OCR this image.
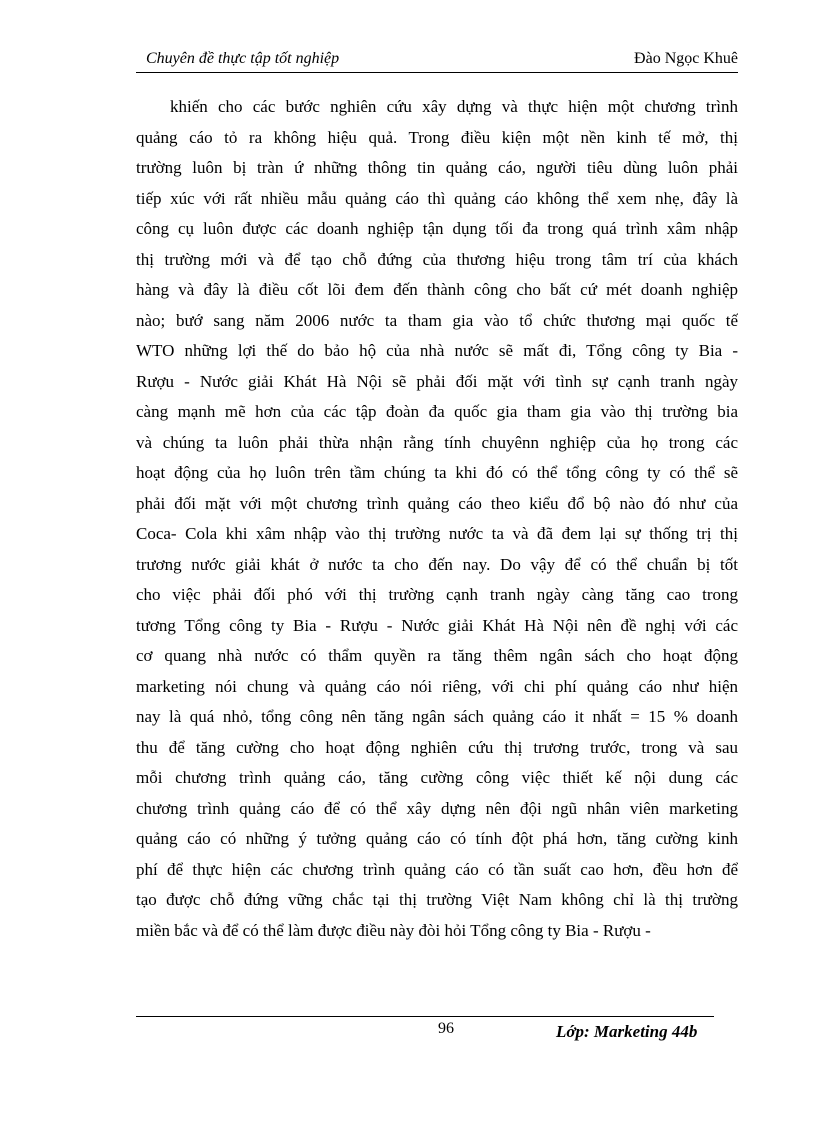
Chuyên đề thực tập tốt nghiệp	Đào Ngọc Khuê
khiến cho các bước nghiên cứu xây dựng và thực hiện một chương trình
quảng cáo tỏ ra không hiệu quả. Trong điều kiện một nền kinh tế mở, thị
trường luôn bị tràn ứ những thông tin quảng cáo, người tiêu dùng luôn phải
tiếp xúc với rất nhiều mẫu quảng cáo thì quảng cáo không thể xem nhẹ, đây là
công cụ luôn được các doanh nghiệp tận dụng tối đa trong quá trình xâm nhập
thị trường mới và để tạo chỗ đứng của thương hiệu trong tâm trí của khách
hàng và đây là điều cốt lõi đem đến thành công cho bất cứ mét doanh nghiệp
nào; bướ sang năm 2006 nước ta tham gia vào tổ chức thương mại quốc tế
WTO những lợi thế do bảo hộ của nhà nước sẽ mất đi, Tổng công ty Bia -
Rượu - Nước giải Khát Hà Nội sẽ phải đối mặt với tình sự cạnh tranh ngày
càng mạnh mẽ hơn của các tập đoàn đa quốc gia tham gia vào thị trường bia
và chúng ta luôn phải thừa nhận rằng tính chuyênn nghiệp của họ trong các
hoạt động của họ luôn trên tầm chúng ta khi đó có thể tổng công ty có thể sẽ
phải đối mặt với một chương trình quảng cáo theo kiểu đổ bộ nào đó như của
Coca- Cola khi xâm nhập vào thị trường nước ta và đã đem lại sự thống trị thị
trương nước giải khát ở nước ta cho đến nay. Do vậy để có thể chuẩn bị tốt
cho việc phải đối phó với thị trường cạnh tranh ngày càng tăng cao trong
tương Tổng công ty Bia - Rượu - Nước giải Khát Hà Nội nên đề nghị với các
cơ quang nhà nước có thẩm quyền ra tăng thêm ngân sách cho hoạt động
marketing nói chung và quảng cáo nói riêng, với chi phí quảng cáo như hiện
nay là quá nhỏ, tổng công nên tăng ngân sách quảng cáo it nhất = 15 % doanh
thu để tăng cường cho hoạt động nghiên cứu thị trương trước, trong và sau
mỗi chương trình quảng cáo, tăng cường công việc thiết kế nội dung các
chương trình quảng cáo để có thể xây dựng nên đội ngũ nhân viên marketing
quảng cáo có những ý tưởng quảng cáo có tính đột phá hơn, tăng cường kinh
phí để thực hiện các chương trình quảng cáo có tần suất cao hơn, đều hơn để
tạo được chỗ đứng vững chắc tại thị trường Việt Nam không chỉ là thị trường
miền bắc và để có thể làm được điều này đòi hỏi Tổng công ty Bia - Rượu -
96	Lớp: Marketing 44b
